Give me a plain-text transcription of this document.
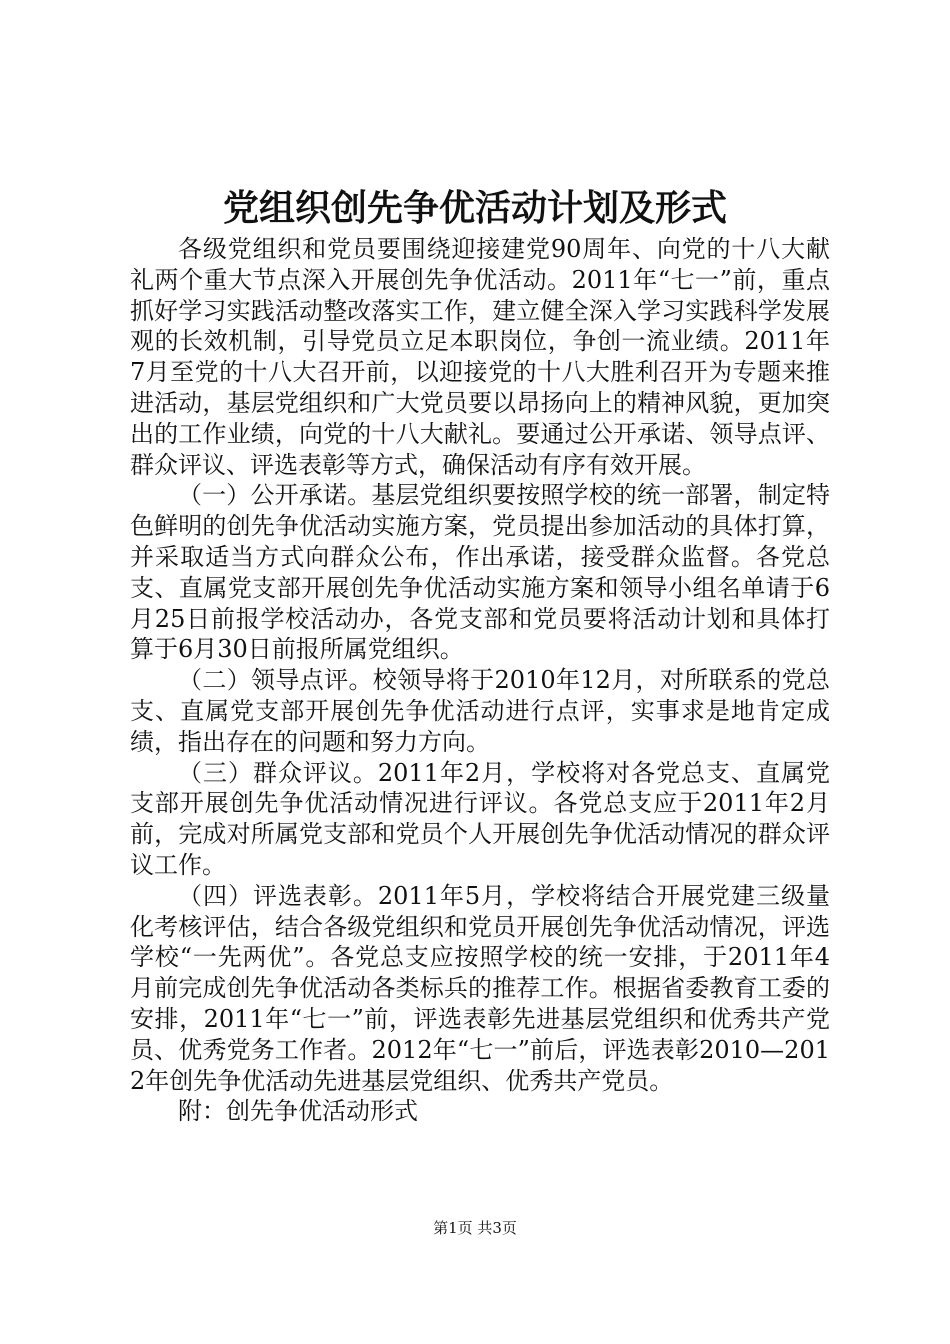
党组织创先争优活动计划及形式

各级党组织和党员要围绕迎接建党90周年、向党的十八大献礼两个重大节点深入开展创先争优活动。2011年“七一”前，重点抓好学习实践活动整改落实工作，建立健全深入学习实践科学发展观的长效机制，引导党员立足本职岗位，争创一流业绩。2011年7月至党的十八大召开前，以迎接党的十八大胜利召开为专题来推进活动，基层党组织和广大党员要以昂扬向上的精神风貌，更加突出的工作业绩，向党的十八大献礼。要通过公开承诺、领导点评、群众评议、评选表彰等方式，确保活动有序有效开展。

（一）公开承诺。基层党组织要按照学校的统一部署，制定特色鲜明的创先争优活动实施方案，党员提出参加活动的具体打算，并采取适当方式向群众公布，作出承诺，接受群众监督。各党总支、直属党支部开展创先争优活动实施方案和领导小组名单请于6月25日前报学校活动办，各党支部和党员要将活动计划和具体打算于6月30日前报所属党组织。

（二）领导点评。校领导将于2010年12月，对所联系的党总支、直属党支部开展创先争优活动进行点评，实事求是地肯定成绩，指出存在的问题和努力方向。

（三）群众评议。2011年2月，学校将对各党总支、直属党支部开展创先争优活动情况进行评议。各党总支应于2011年2月前，完成对所属党支部和党员个人开展创先争优活动情况的群众评议工作。

（四）评选表彰。2011年5月，学校将结合开展党建三级量化考核评估，结合各级党组织和党员开展创先争优活动情况，评选学校“一先两优”。各党总支应按照学校的统一安排，于2011年4月前完成创先争优活动各类标兵的推荐工作。根据省委教育工委的安排，2011年“七一”前，评选表彰先进基层党组织和优秀共产党员、优秀党务工作者。2012年“七一”前后，评选表彰2010—2012年创先争优活动先进基层党组织、优秀共产党员。

附：创先争优活动形式

第1页 共3页
